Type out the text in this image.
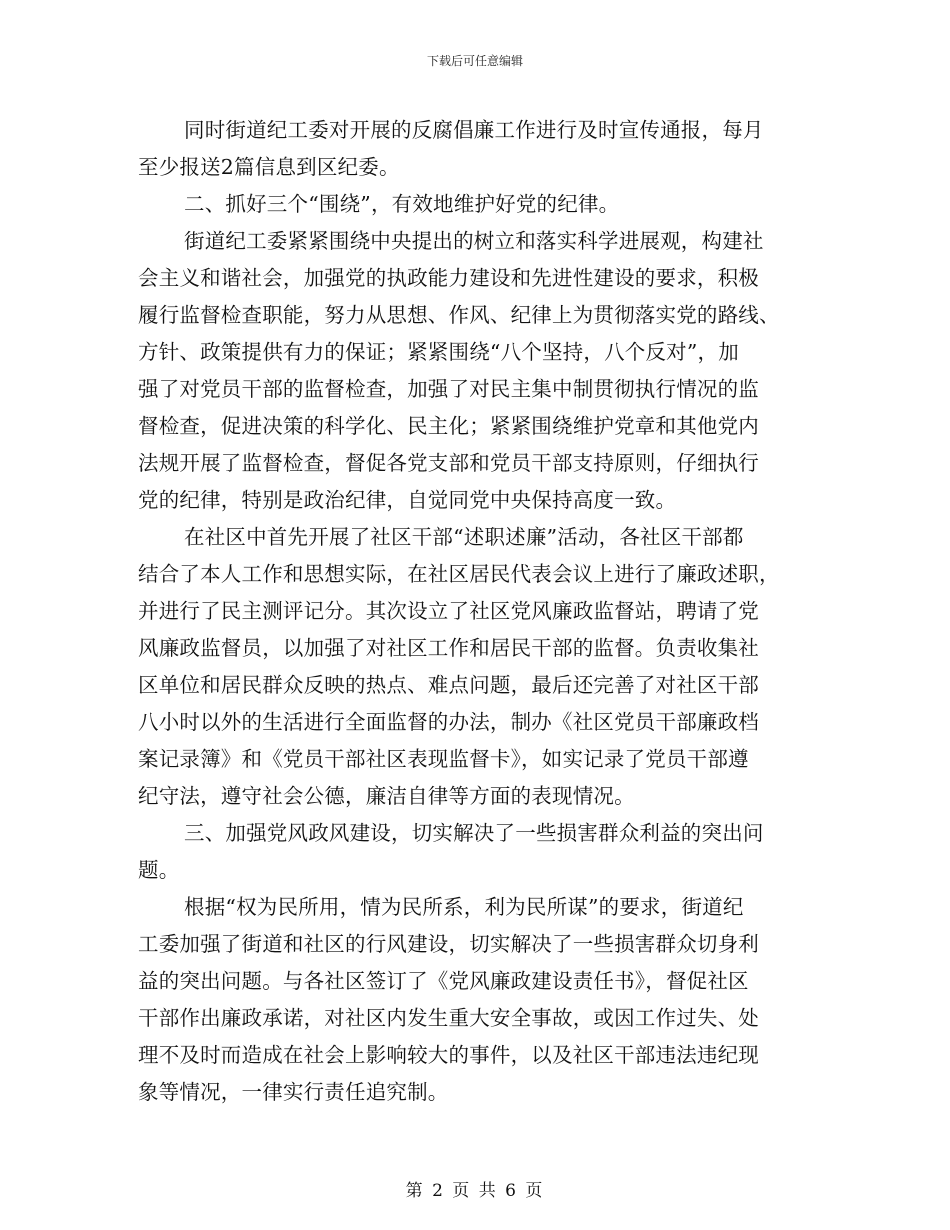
下载后可任意编辑
同时街道纪工委对开展的反腐倡廉工作进行及时宣传通报，每月
至少报送2篇信息到区纪委。
二、抓好三个“围绕”，有效地维护好党的纪律。
街道纪工委紧紧围绕中央提出的树立和落实科学进展观，构建社
会主义和谐社会，加强党的执政能力建设和先进性建设的要求，积极
履行监督检查职能，努力从思想、作风、纪律上为贯彻落实党的路线、
方针、政策提供有力的保证；紧紧围绕“八个坚持，八个反对”，加
强了对党员干部的监督检查，加强了对民主集中制贯彻执行情况的监
督检查，促进决策的科学化、民主化；紧紧围绕维护党章和其他党内
法规开展了监督检查，督促各党支部和党员干部支持原则，仔细执行
党的纪律，特别是政治纪律，自觉同党中央保持高度一致。
在社区中首先开展了社区干部“述职述廉”活动，各社区干部都
结合了本人工作和思想实际，在社区居民代表会议上进行了廉政述职，
并进行了民主测评记分。其次设立了社区党风廉政监督站，聘请了党
风廉政监督员，以加强了对社区工作和居民干部的监督。负责收集社
区单位和居民群众反映的热点、难点问题，最后还完善了对社区干部
八小时以外的生活进行全面监督的办法，制办《社区党员干部廉政档
案记录簿》和《党员干部社区表现监督卡》，如实记录了党员干部遵
纪守法，遵守社会公德，廉洁自律等方面的表现情况。
三、加强党风政风建设，切实解决了一些损害群众利益的突出问
题。
根据“权为民所用，情为民所系，利为民所谋”的要求，街道纪
工委加强了街道和社区的行风建设，切实解决了一些损害群众切身利
益的突出问题。与各社区签订了《党风廉政建设责任书》，督促社区
干部作出廉政承诺，对社区内发生重大安全事故，或因工作过失、处
理不及时而造成在社会上影响较大的事件，以及社区干部违法违纪现
象等情况，一律实行责任追究制。
第 2 页 共 6 页
